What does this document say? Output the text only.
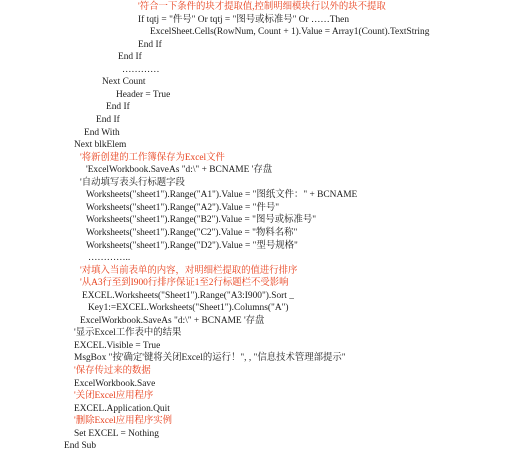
'符合一下条件的块才提取值,控制明细模块行以外的块不提取
If tqtj = "件号" Or tqtj = "图号或标准号" Or ……Then
ExcelSheet.Cells(RowNum, Count + 1).Value = Array1(Count).TextString
End If
End If
…………
Next Count
Header = True
End If
End If
End With
Next blkElem
'将新创建的工作簿保存为Excel文件
'ExcelWorkbook.SaveAs "d:\" + BCNAME '存盘
'自动填写表头行标题字段
Worksheets("sheet1").Range("A1").Value = "图纸文件：" + BCNAME
Worksheets("sheet1").Range("A2").Value = "件号"
Worksheets("sheet1").Range("B2").Value = "图号或标准号"
Worksheets("sheet1").Range("C2").Value = "物料名称"
Worksheets("sheet1").Range("D2").Value = "型号规格"
…………..
'对填入当前表单的内容，对明细栏提取的值进行排序
'从A3行至到I900行排序保证1至2行标题栏不受影响
EXCEL.Worksheets("Sheet1").Range("A3:I900").Sort _
Key1:=EXCEL.Worksheets("Sheet1").Columns("A")
ExcelWorkbook.SaveAs "d:\" + BCNAME '存盘
'显示Excel工作表中的结果
EXCEL.Visible = True
MsgBox "按'确定'键将关闭Excel的运行！", , "信息技术管理部提示"
'保存传过来的数据
ExcelWorkbook.Save
'关闭Excel应用程序
EXCEL.Application.Quit
'删除Excel应用程序实例
Set EXCEL = Nothing
End Sub
